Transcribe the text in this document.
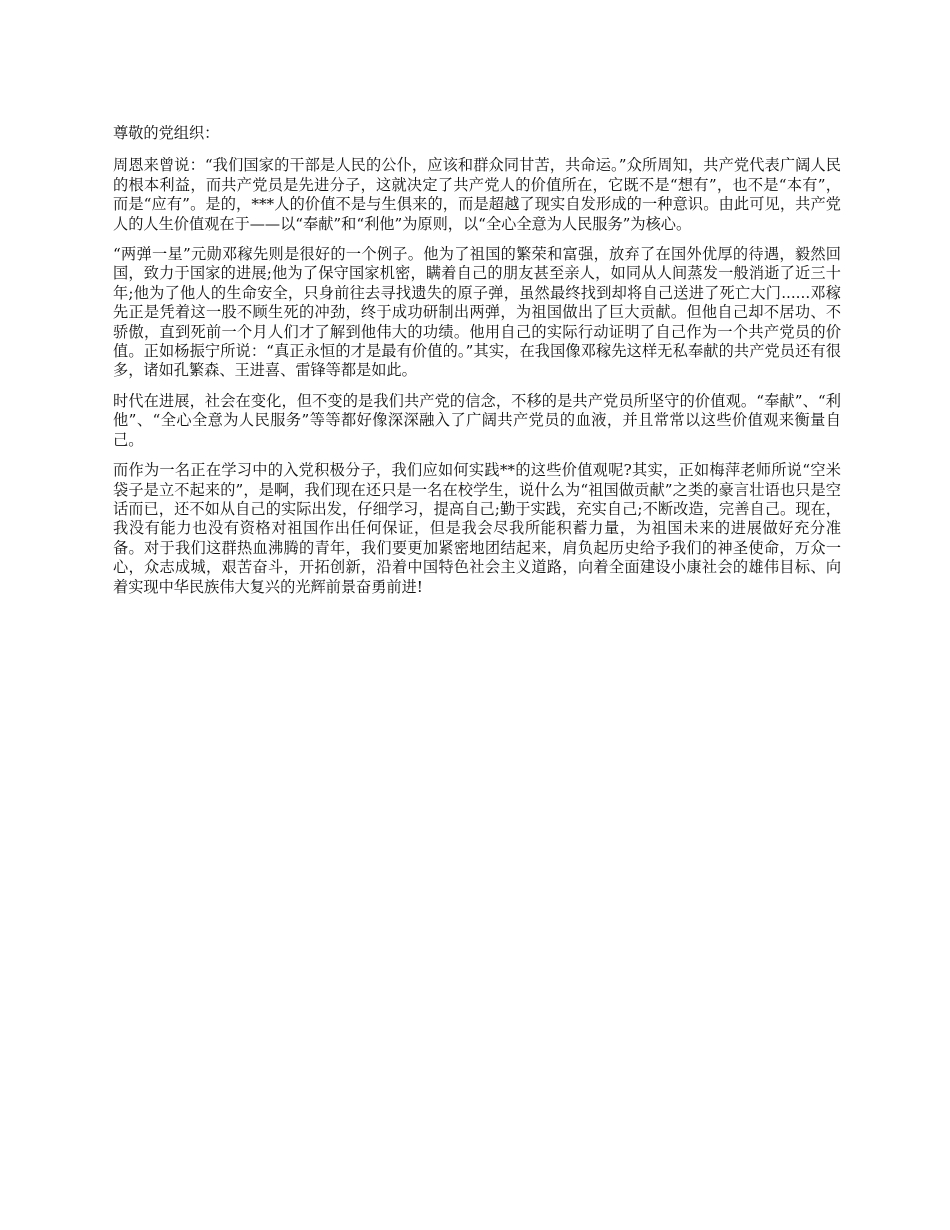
尊敬的党组织：

周恩来曾说：“我们国家的干部是人民的公仆，应该和群众同甘苦，共命运。”众所周知，共产党代表广阔人民的根本利益，而共产党员是先进分子，这就决定了共产党人的价值所在，它既不是“想有”，也不是“本有”，而是“应有”。是的，***人的价值不是与生俱来的，而是超越了现实自发形成的一种意识。由此可见，共产党人的人生价值观在于——以“奉献”和“利他”为原则，以“全心全意为人民服务”为核心。

“两弹一星”元勋邓稼先则是很好的一个例子。他为了祖国的繁荣和富强，放弃了在国外优厚的待遇，毅然回国，致力于国家的进展;他为了保守国家机密，瞒着自己的朋友甚至亲人，如同从人间蒸发一般消逝了近三十年;他为了他人的生命安全，只身前往去寻找遗失的原子弹，虽然最终找到却将自己送进了死亡大门......邓稼先正是凭着这一股不顾生死的冲劲，终于成功研制出两弹，为祖国做出了巨大贡献。但他自己却不居功、不骄傲，直到死前一个月人们才了解到他伟大的功绩。他用自己的实际行动证明了自己作为一个共产党员的价值。正如杨振宁所说：“真正永恒的才是最有价值的。”其实，在我国像邓稼先这样无私奉献的共产党员还有很多，诸如孔繁森、王进喜、雷锋等都是如此。

时代在进展，社会在变化，但不变的是我们共产党的信念，不移的是共产党员所坚守的价值观。“奉献”、“利他”、“全心全意为人民服务”等等都好像深深融入了广阔共产党员的血液，并且常常以这些价值观来衡量自己。

而作为一名正在学习中的入党积极分子，我们应如何实践**的这些价值观呢?其实，正如梅萍老师所说“空米袋子是立不起来的”，是啊，我们现在还只是一名在校学生，说什么为“祖国做贡献”之类的豪言壮语也只是空话而已，还不如从自己的实际出发，仔细学习，提高自己;勤于实践，充实自己;不断改造，完善自己。现在，我没有能力也没有资格对祖国作出任何保证，但是我会尽我所能积蓄力量，为祖国未来的进展做好充分准备。对于我们这群热血沸腾的青年，我们要更加紧密地团结起来，肩负起历史给予我们的神圣使命，万众一心，众志成城，艰苦奋斗，开拓创新，沿着中国特色社会主义道路，向着全面建设小康社会的雄伟目标、向着实现中华民族伟大复兴的光辉前景奋勇前进!
